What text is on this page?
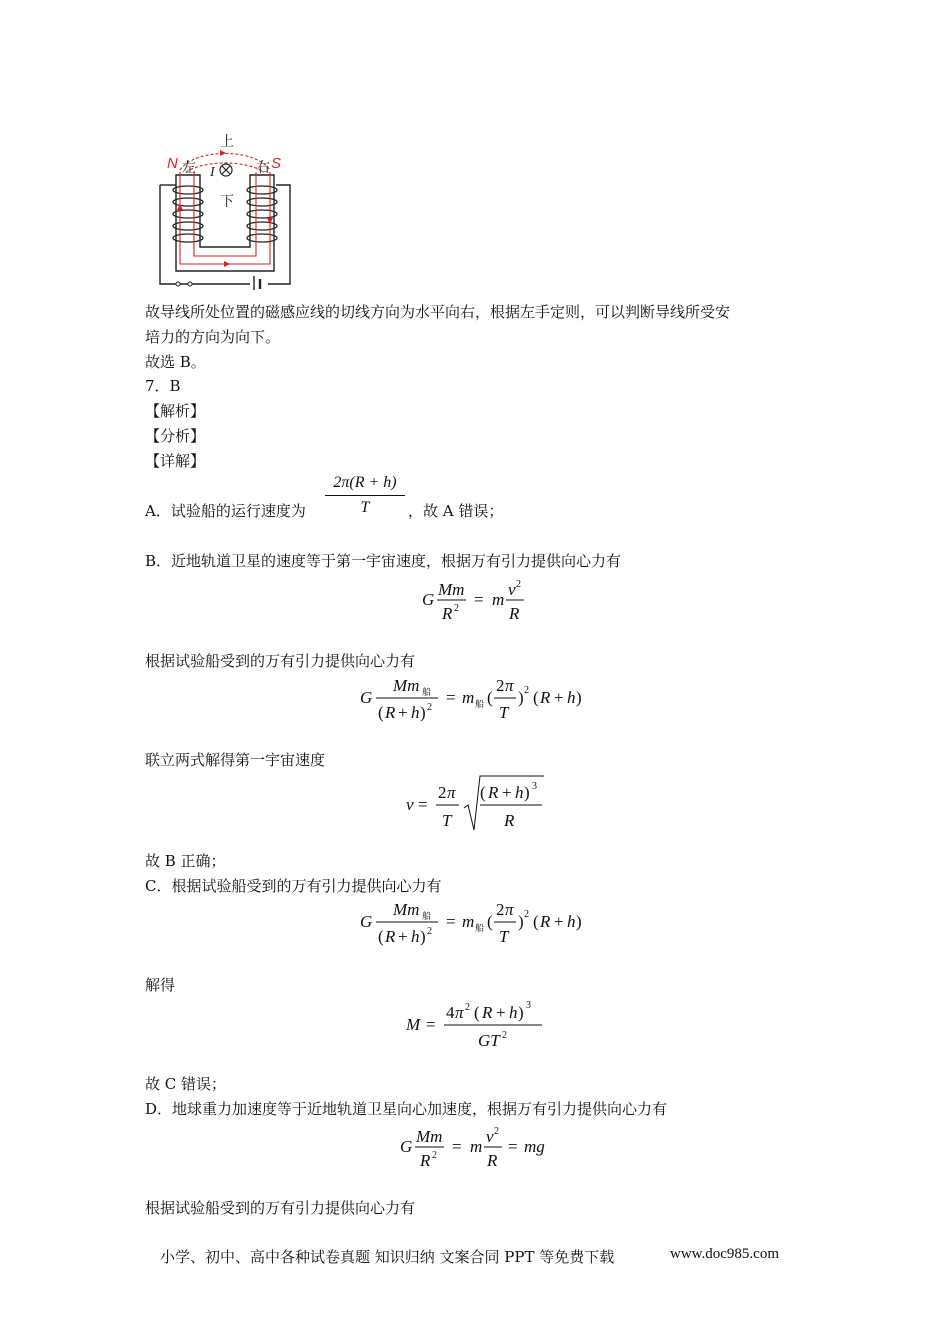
上
下
左	右
N	S
I
故导线所处位置的磁感应线的切线方向为水平向右，根据左手定则，可以判断导线所受安
培力的方向为向下。
故选 B。
7．B
【解析】
【分析】
【详解】
A．试验船的运行速度为
2π(R + h)
T	，故 A 错误；
B．近地轨道卫星的速度等于第一宇宙速度，根据万有引力提供向心力有
G
Mm
R 2 = m
v 2
R
根据试验船受到的万有引力提供向心力有
G
Mm 船
( R + h ) 2
= m 船 (
2 π
T
) 2 ( R + h )
联立两式解得第一宇宙速度
v =
2 π
T
( R + h ) 3
R
故 B 正确；
C．根据试验船受到的万有引力提供向心力有
G
Mm 船
( R + h ) 2
= m 船 (
2 π
T
) 2 ( R + h )
解得
M =
4 π 2 ( R + h ) 3
GT 2
故 C 错误；
D．地球重力加速度等于近地轨道卫星向心加速度，根据万有引力提供向心力有
G
Mm
R 2 = m
v 2
R
= mg
根据试验船受到的万有引力提供向心力有
小学、初中、高中各种试卷真题 知识归纳 文案合同 PPT 等免费下载	www.doc985.com
